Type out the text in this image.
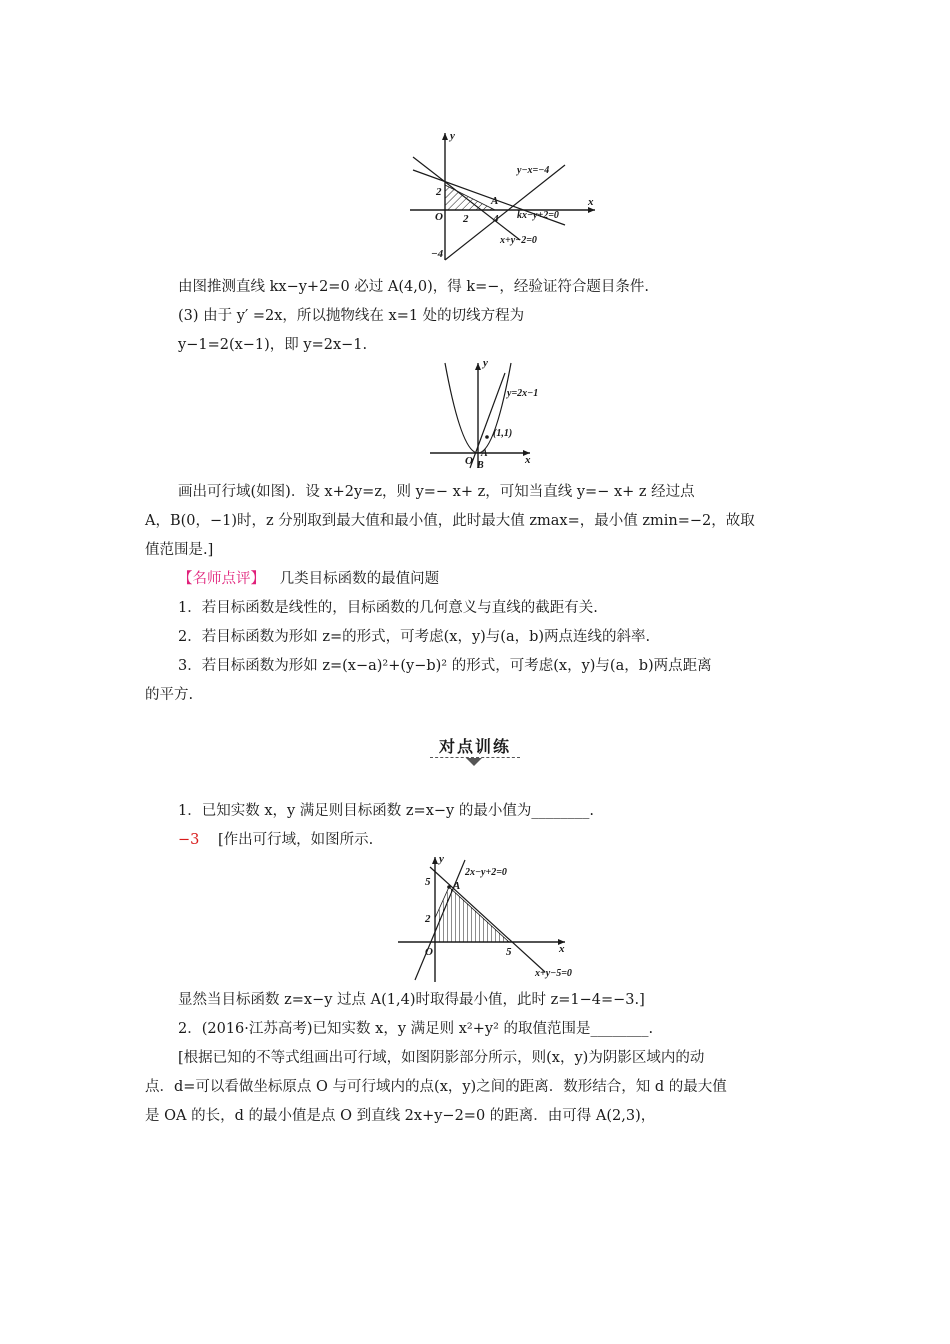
y
x
O
2
2 4
−4
A
y−x=−4
kx−y+2=0
x+y−2=0
由图推测直线 kx−y+2=0 必过 A(4,0)，得 k=−，经验证符合题目条件.
(3) 由于 y′ =2x，所以抛物线在 x=1 处的切线方程为
y−1=2(x−1)，即 y=2x−1.
y
x
O
y=2x−1
(1,1)
A
B
画出可行域(如图)．设 x+2y=z，则 y=− x+ z，可知当直线 y=− x+ z 经过点
A，B(0，−1)时，z 分别取到最大值和最小值，此时最大值 zmax=，最小值 zmin=−2，故取
值范围是.]
【名师点评】 几类目标函数的最值问题
1．若目标函数是线性的，目标函数的几何意义与直线的截距有关.
2．若目标函数为形如 z=的形式，可考虑(x，y)与(a，b)两点连线的斜率.
3．若目标函数为形如 z=(x−a)²+(y−b)² 的形式，可考虑(x，y)与(a，b)两点距离
的平方.
对点训练
1．已知实数 x，y 满足则目标函数 z=x−y 的最小值为________.
−3 [作出可行域，如图所示.
y
x
O
5
2
5
A
2x−y+2=0
x+y−5=0
显然当目标函数 z=x−y 过点 A(1,4)时取得最小值，此时 z=1−4=−3.]
2．(2016·江苏高考)已知实数 x，y 满足则 x²+y² 的取值范围是________.
[根据已知的不等式组画出可行域，如图阴影部分所示，则(x，y)为阴影区域内的动
点．d=可以看做坐标原点 O 与可行域内的点(x，y)之间的距离．数形结合，知 d 的最大值
是 OA 的长，d 的最小值是点 O 到直线 2x+y−2=0 的距离．由可得 A(2,3)，
